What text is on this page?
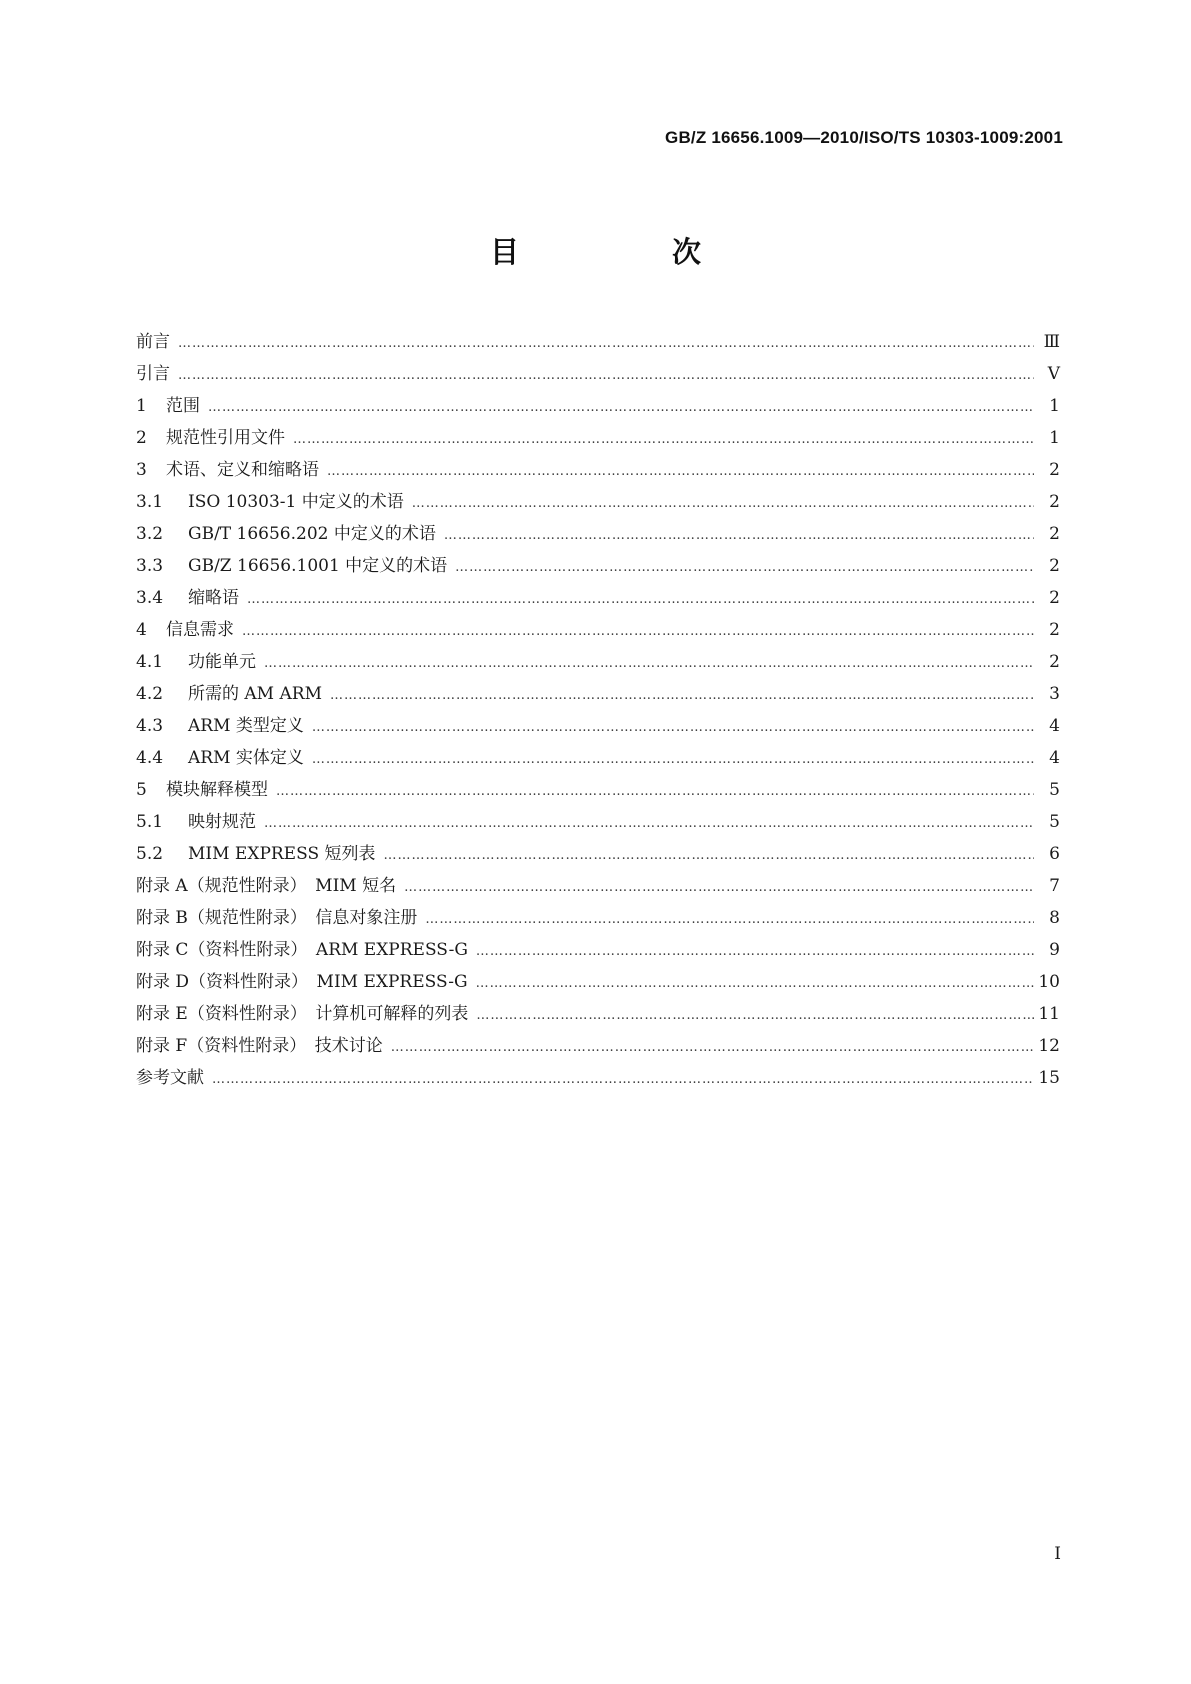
GB/Z 16656.1009—2010/ISO/TS 10303-1009:2001
目　次
前言 …………………………………………………………………………………………………………………………………………………………………………………………………………………………	Ⅲ
引言 …………………………………………………………………………………………………………………………………………………………………………………………………………………………	Ⅴ
1	范围 …………………………………………………………………………………………………………………………………………………………………………………………………………………………	1
2	规范性引用文件 …………………………………………………………………………………………………………………………………………………………………………………………………………………………	1
3	术语、定义和缩略语 …………………………………………………………………………………………………………………………………………………………………………………………………………………………	2
3.1	ISO 10303-1 中定义的术语 …………………………………………………………………………………………………………………………………………………………………………………………………………………………	2
3.2	GB/T 16656.202 中定义的术语 …………………………………………………………………………………………………………………………………………………………………………………………………………………………	2
3.3	GB/Z 16656.1001 中定义的术语 …………………………………………………………………………………………………………………………………………………………………………………………………………………………	2
3.4	缩略语 …………………………………………………………………………………………………………………………………………………………………………………………………………………………	2
4	信息需求 …………………………………………………………………………………………………………………………………………………………………………………………………………………………	2
4.1	功能单元 …………………………………………………………………………………………………………………………………………………………………………………………………………………………	2
4.2	所需的 AM ARM …………………………………………………………………………………………………………………………………………………………………………………………………………………………	3
4.3	ARM 类型定义 …………………………………………………………………………………………………………………………………………………………………………………………………………………………	4
4.4	ARM 实体定义 …………………………………………………………………………………………………………………………………………………………………………………………………………………………	4
5	模块解释模型 …………………………………………………………………………………………………………………………………………………………………………………………………………………………	5
5.1	映射规范 …………………………………………………………………………………………………………………………………………………………………………………………………………………………	5
5.2	MIM EXPRESS 短列表 …………………………………………………………………………………………………………………………………………………………………………………………………………………………	6
附录 A（规范性附录）　MIM 短名 …………………………………………………………………………………………………………………………………………………………………………………………………………………………	7
附录 B（规范性附录）　信息对象注册 …………………………………………………………………………………………………………………………………………………………………………………………………………………………	8
附录 C（资料性附录）　ARM EXPRESS-G …………………………………………………………………………………………………………………………………………………………………………………………………………………………	9
附录 D（资料性附录）　MIM EXPRESS-G …………………………………………………………………………………………………………………………………………………………………………………………………………………………	10
附录 E（资料性附录）　计算机可解释的列表 …………………………………………………………………………………………………………………………………………………………………………………………………………………………	11
附录 F（资料性附录）　技术讨论 …………………………………………………………………………………………………………………………………………………………………………………………………………………………	12
参考文献 …………………………………………………………………………………………………………………………………………………………………………………………………………………………	15
Ⅰ
